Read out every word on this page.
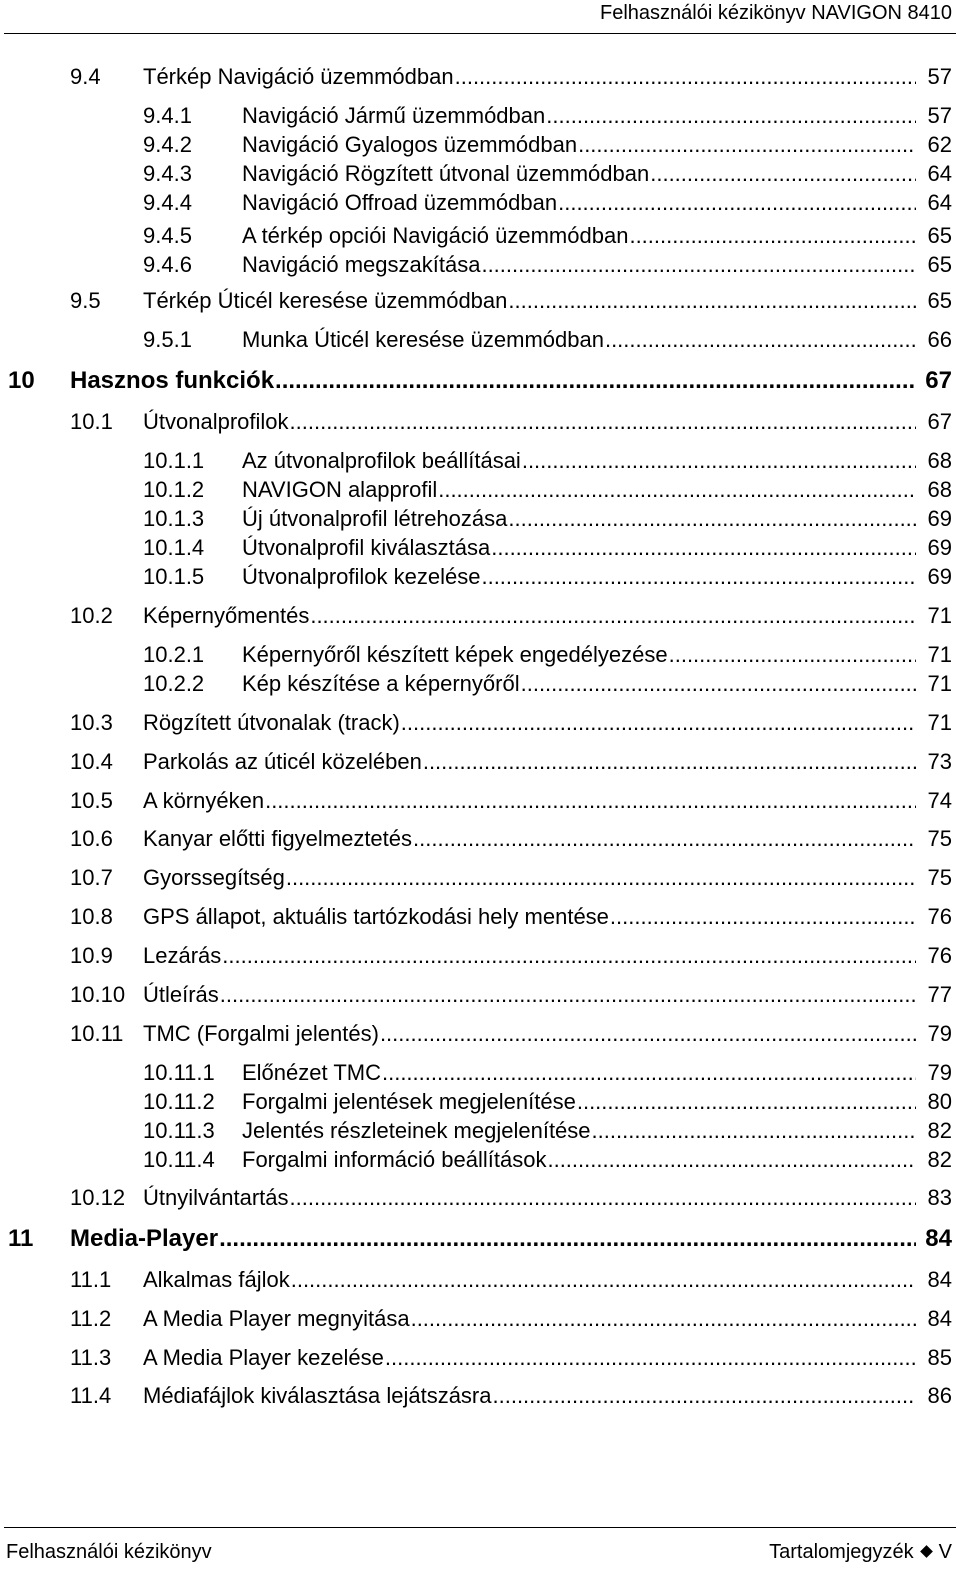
Felhasználói kézikönyv NAVIGON 8410
9.4 Térkép Navigáció üzemmódban .....	57
9.4.1 Navigáció Jármű üzemmódban .....	57
9.4.2 Navigáció Gyalogos üzemmódban .....	62
9.4.3 Navigáció Rögzített útvonal üzemmódban .....	64
9.4.4 Navigáció Offroad üzemmódban .....	64
9.4.5 A térkép opciói Navigáció üzemmódban .....	65
9.4.6 Navigáció megszakítása .....	65
9.5 Térkép Úticél keresése üzemmódban .....	65
9.5.1 Munka Úticél keresése üzemmódban .....	66
10 Hasznos funkciók .....	67
10.1 Útvonalprofilok .....	67
10.1.1 Az útvonalprofilok beállításai .....	68
10.1.2 NAVIGON alapprofil .....	68
10.1.3 Új útvonalprofil létrehozása .....	69
10.1.4 Útvonalprofil kiválasztása .....	69
10.1.5 Útvonalprofilok kezelése .....	69
10.2 Képernyőmentés .....	71
10.2.1 Képernyőről készített képek engedélyezése .....	71
10.2.2 Kép készítése a képernyőről .....	71
10.3 Rögzített útvonalak (track) .....	71
10.4 Parkolás az úticél közelében .....	73
10.5 A környéken .....	74
10.6 Kanyar előtti figyelmeztetés .....	75
10.7 Gyorssegítség .....	75
10.8 GPS állapot, aktuális tartózkodási hely mentése .....	76
10.9 Lezárás .....	76
10.10 Útleírás .....	77
10.11 TMC (Forgalmi jelentés) .....	79
10.11.1 Előnézet TMC .....	79
10.11.2 Forgalmi jelentések megjelenítése .....	80
10.11.3 Jelentés részleteinek megjelenítése .....	82
10.11.4 Forgalmi információ beállítások .....	82
10.12 Útnyilvántartás .....	83
11 Media-Player .....	84
11.1 Alkalmas fájlok .....	84
11.2 A Media Player megnyitása .....	84
11.3 A Media Player kezelése .....	85
11.4 Médiafájlok kiválasztása lejátszásra .....	86
Felhasználói kézikönyv	Tartalomjegyzék V
